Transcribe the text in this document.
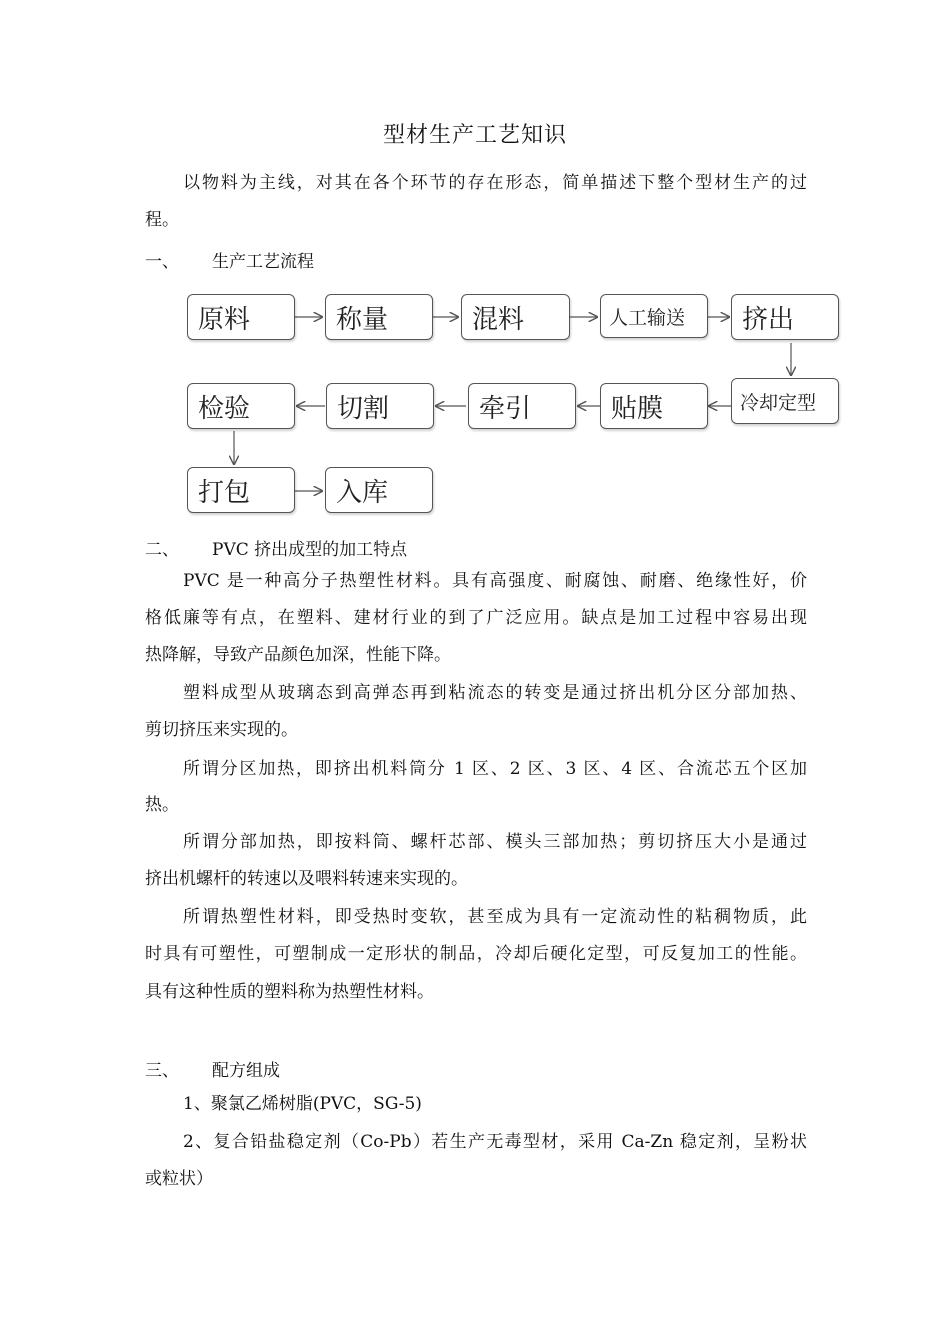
型材生产工艺知识
以物料为主线，对其在各个环节的存在形态，简单描述下整个型材生产的过
程。
一、 生产工艺流程
原料	称量	混料	人工输送	挤出
冷却定型
贴膜
牵引
切割
检验
打包	入库
二、 PVC 挤出成型的加工特点
PVC 是一种高分子热塑性材料。具有高强度、耐腐蚀、耐磨、绝缘性好，价
格低廉等有点，在塑料、建材行业的到了广泛应用。缺点是加工过程中容易出现
热降解，导致产品颜色加深，性能下降。
塑料成型从玻璃态到高弹态再到粘流态的转变是通过挤出机分区分部加热、
剪切挤压来实现的。
所谓分区加热，即挤出机料筒分 1 区、2 区、3 区、4 区、合流芯五个区加
热。
所谓分部加热，即按料筒、螺杆芯部、模头三部加热；剪切挤压大小是通过
挤出机螺杆的转速以及喂料转速来实现的。
所谓热塑性材料，即受热时变软，甚至成为具有一定流动性的粘稠物质，此
时具有可塑性，可塑制成一定形状的制品，冷却后硬化定型，可反复加工的性能。
具有这种性质的塑料称为热塑性材料。
三、 配方组成
1、聚氯乙烯树脂(PVC，SG-5)
2、复合铅盐稳定剂（Co-Pb）若生产无毒型材，采用 Ca-Zn 稳定剂，呈粉状
或粒状）
